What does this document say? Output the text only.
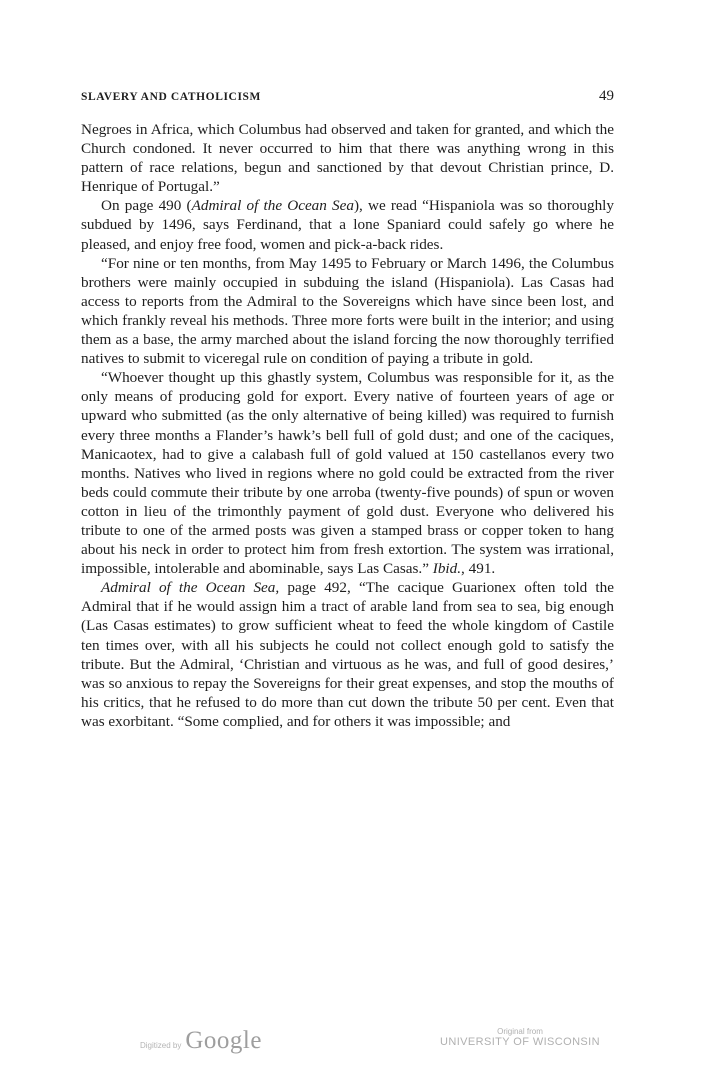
SLAVERY AND CATHOLICISM	49

Negroes in Africa, which Columbus had observed and taken for granted, and which the Church condoned. It never occurred to him that there was anything wrong in this pattern of race relations, begun and sanctioned by that devout Christian prince, D. Henrique of Portugal.”

On page 490 (Admiral of the Ocean Sea), we read “Hispaniola was so thoroughly subdued by 1496, says Ferdinand, that a lone Spaniard could safely go where he pleased, and enjoy free food, women and pick-a-back rides.

“For nine or ten months, from May 1495 to February or March 1496, the Columbus brothers were mainly occupied in subduing the island (Hispaniola). Las Casas had access to reports from the Admiral to the Sovereigns which have since been lost, and which frankly reveal his methods. Three more forts were built in the interior; and using them as a base, the army marched about the island forcing the now thoroughly terrified natives to submit to viceregal rule on condition of paying a tribute in gold.

“Whoever thought up this ghastly system, Columbus was responsible for it, as the only means of producing gold for export. Every native of fourteen years of age or upward who submitted (as the only alternative of being killed) was required to furnish every three months a Flander’s hawk’s bell full of gold dust; and one of the caciques, Manicaotex, had to give a calabash full of gold valued at 150 castellanos every two months. Natives who lived in regions where no gold could be extracted from the river beds could commute their tribute by one arroba (twenty-five pounds) of spun or woven cotton in lieu of the trimonthly payment of gold dust. Everyone who delivered his tribute to one of the armed posts was given a stamped brass or copper token to hang about his neck in order to protect him from fresh extortion. The system was irrational, impossible, intolerable and abominable, says Las Casas.” Ibid., 491.

Admiral of the Ocean Sea, page 492, “The cacique Guarionex often told the Admiral that if he would assign him a tract of arable land from sea to sea, big enough (Las Casas estimates) to grow sufficient wheat to feed the whole kingdom of Castile ten times over, with all his subjects he could not collect enough gold to satisfy the tribute. But the Admiral, ‘Christian and virtuous as he was, and full of good desires,’ was so anxious to repay the Sovereigns for their great expenses, and stop the mouths of his critics, that he refused to do more than cut down the tribute 50 per cent. Even that was exorbitant. “Some complied, and for others it was impossible; and

Digitized by Google	Original from
UNIVERSITY OF WISCONSIN
